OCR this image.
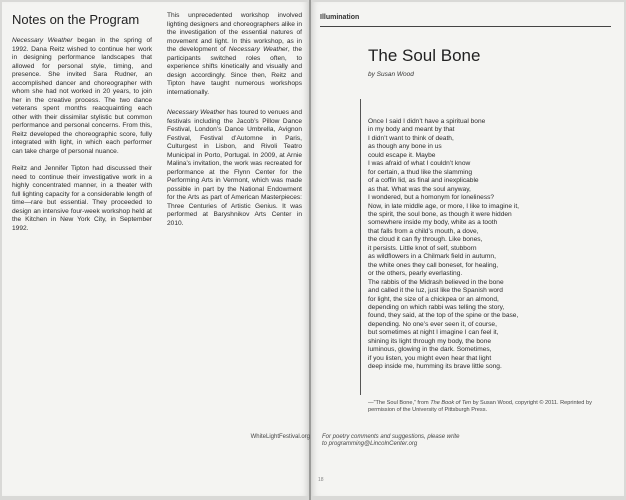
Notes on the Program

Necessary Weather began in the spring of 1992. Dana Reitz wished to continue her work in designing performance landscapes that allowed for personal style, timing, and presence. She invited Sara Rudner, an accomplished dancer and choreographer with whom she had not worked in 20 years, to join her in the creative process. The two dance veterans spent months reacquainting each other with their dissimilar stylistic but common performance and personal concerns. From this, Reitz developed the choreographic score, fully integrated with light, in which each performer can take charge of personal nuance.

Reitz and Jennifer Tipton had discussed their need to continue their investigative work in a highly concentrated manner, in a theater with full lighting capacity for a considerable length of time—rare but essential. They proceeded to design an intensive four-week workshop held at the Kitchen in New York City, in September 1992.

This unprecedented workshop involved lighting designers and choreographers alike in the investigation of the essential natures of movement and light. In this workshop, as in the development of Necessary Weather, the participants switched roles often, to experience shifts kinetically and visually and design accordingly. Since then, Reitz and Tipton have taught numerous workshops internationally.

Necessary Weather has toured to venues and festivals including the Jacob’s Pillow Dance Festival, London’s Dance Umbrella, Avignon Festival, Festival d’Automne in Paris, Culturgest in Lisbon, and Rivoli Teatro Municipal in Porto, Portugal. In 2009, at Arnie Malina’s invitation, the work was recreated for performance at the Flynn Center for the Performing Arts in Vermont, which was made possible in part by the National Endowment for the Arts as part of American Masterpieces: Three Centuries of Artistic Genius. It was performed at Baryshnikov Arts Center in 2010.

WhiteLightFestival.org
18
Illumination
The Soul Bone
by Susan Wood
Once I said I didn’t have a spiritual bone
in my body and meant by that
I didn’t want to think of death,
as though any bone in us
could escape it. Maybe
I was afraid of what I couldn’t know
for certain, a thud like the slamming
of a coffin lid, as final and inexplicable
as that. What was the soul anyway,
I wondered, but a homonym for loneliness?
Now, in late middle age, or more, I like to imagine it,
the spirit, the soul bone, as though it were hidden
somewhere inside my body, white as a tooth
that falls from a child’s mouth, a dove,
the cloud it can fly through. Like bones,
it persists. Little knot of self, stubborn
as wildflowers in a Chilmark field in autumn,
the white ones they call boneset, for healing,
or the others, pearly everlasting.
The rabbis of the Midrash believed in the bone
and called it the luz, just like the Spanish word
for light, the size of a chickpea or an almond,
depending on which rabbi was telling the story,
found, they said, at the top of the spine or the base,
depending. No one’s ever seen it, of course,
but sometimes at night I imagine I can feel it,
shining its light through my body, the bone
luminous, glowing in the dark. Sometimes,
if you listen, you might even hear that light
deep inside me, humming its brave little song.
—“The Soul Bone,” from The Book of Ten by Susan Wood, copyright © 2011. Reprinted by permission of the University of Pittsburgh Press.
For poetry comments and suggestions, please write
to programming@LincolnCenter.org
